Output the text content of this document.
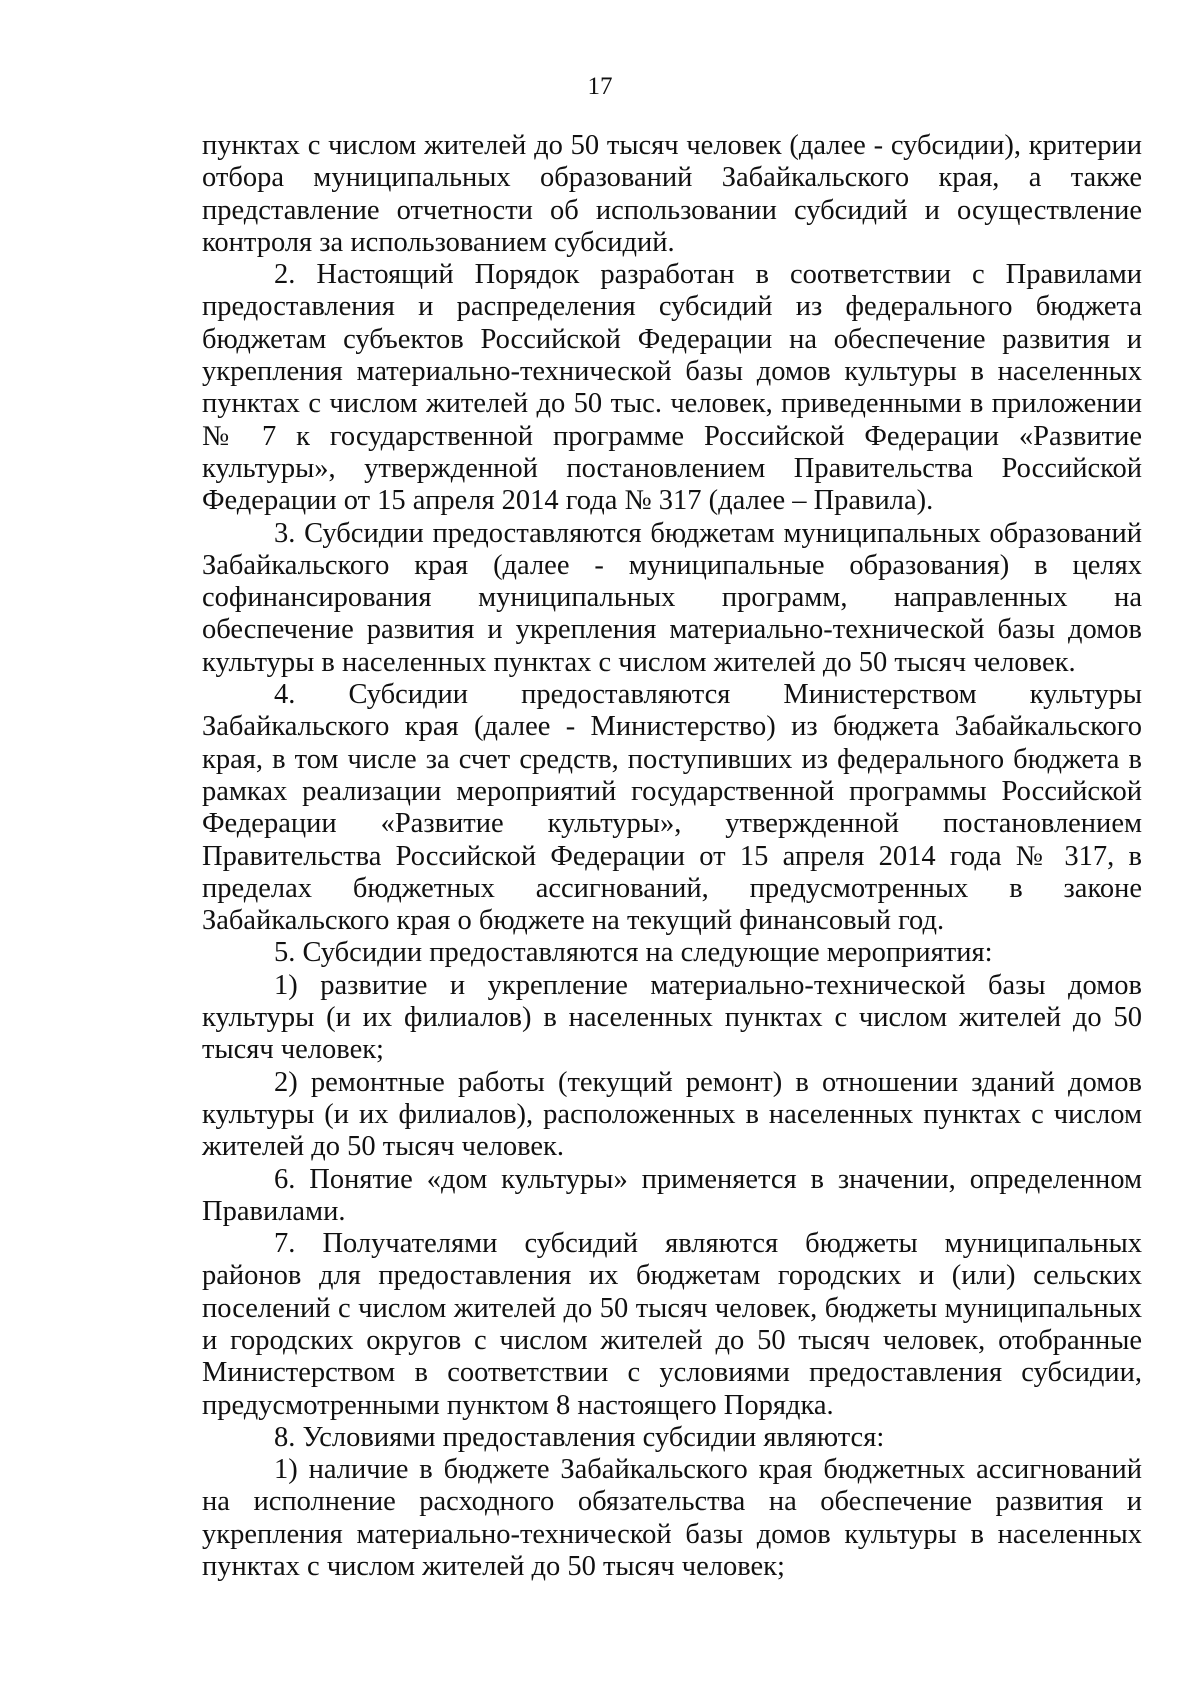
17

пунктах с числом жителей до 50 тысяч человек (далее - субсидии), критерии отбора муниципальных образований Забайкальского края, а также представление отчетности об использовании субсидий и осуществление контроля за использованием субсидий.

2. Настоящий Порядок разработан в соответствии с Правилами предоставления и распределения субсидий из федерального бюджета бюджетам субъектов Российской Федерации на обеспечение развития и укрепления материально-технической базы домов культуры в населенных пунктах с числом жителей до 50 тыс. человек, приведенными в приложении № 7 к государственной программе Российской Федерации «Развитие культуры», утвержденной постановлением Правительства Российской Федерации от 15 апреля 2014 года № 317 (далее – Правила).

3. Субсидии предоставляются бюджетам муниципальных образований Забайкальского края (далее - муниципальные образования) в целях софинансирования муниципальных программ, направленных на обеспечение развития и укрепления материально-технической базы домов культуры в населенных пунктах с числом жителей до 50 тысяч человек.

4. Субсидии предоставляются Министерством культуры Забайкальского края (далее - Министерство) из бюджета Забайкальского края, в том числе за счет средств, поступивших из федерального бюджета в рамках реализации мероприятий государственной программы Российской Федерации «Развитие культуры», утвержденной постановлением Правительства Российской Федерации от 15 апреля 2014 года № 317, в пределах бюджетных ассигнований, предусмотренных в законе Забайкальского края о бюджете на текущий финансовый год.

5. Субсидии предоставляются на следующие мероприятия:

1) развитие и укрепление материально-технической базы домов культуры (и их филиалов) в населенных пунктах с числом жителей до 50 тысяч человек;

2) ремонтные работы (текущий ремонт) в отношении зданий домов культуры (и их филиалов), расположенных в населенных пунктах с числом жителей до 50 тысяч человек.

6. Понятие «дом культуры» применяется в значении, определенном Правилами.

7. Получателями субсидий являются бюджеты муниципальных районов для предоставления их бюджетам городских и (или) сельских поселений с числом жителей до 50 тысяч человек, бюджеты муниципальных и городских округов с числом жителей до 50 тысяч человек, отобранные Министерством в соответствии с условиями предоставления субсидии, предусмотренными пунктом 8 настоящего Порядка.

8. Условиями предоставления субсидии являются:

1) наличие в бюджете Забайкальского края бюджетных ассигнований на исполнение расходного обязательства на обеспечение развития и укрепления материально-технической базы домов культуры в населенных пунктах с числом жителей до 50 тысяч человек;
